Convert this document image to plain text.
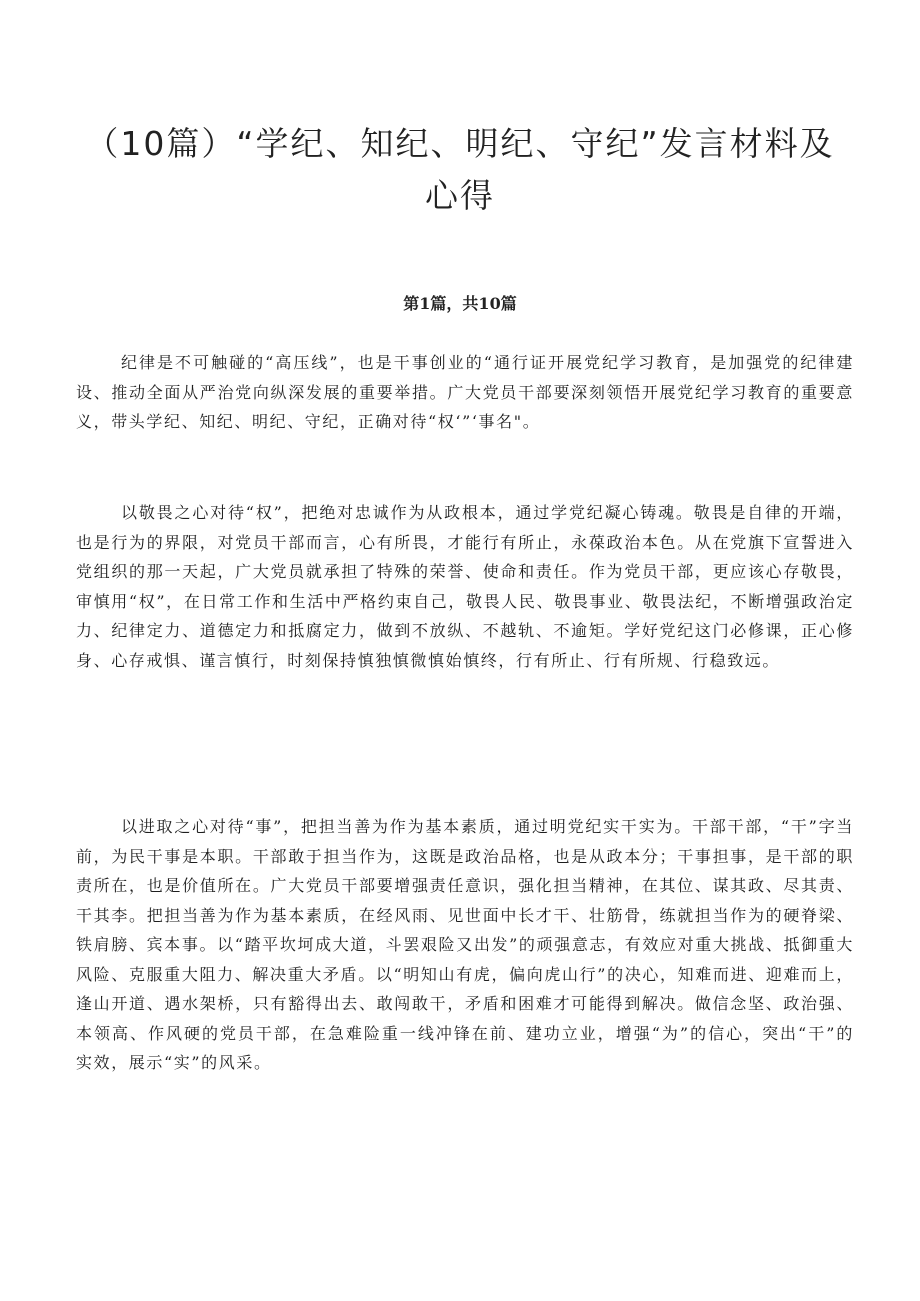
（10篇）“学纪、知纪、明纪、守纪”发言材料及心得

第1篇，共10篇

纪律是不可触碰的“高压线”，也是干事创业的“通行证开展党纪学习教育，是加强党的纪律建设、推动全面从严治党向纵深发展的重要举措。广大党员干部要深刻领悟开展党纪学习教育的重要意义，带头学纪、知纪、明纪、守纪，正确对待“权‘”‘事名"。

以敬畏之心对待“权”，把绝对忠诚作为从政根本，通过学党纪凝心铸魂。敬畏是自律的开端，也是行为的界限，对党员干部而言，心有所畏，才能行有所止，永葆政治本色。从在党旗下宣誓进入党组织的那一天起，广大党员就承担了特殊的荣誉、使命和责任。作为党员干部，更应该心存敬畏，审慎用“权”，在日常工作和生活中严格约束自己，敬畏人民、敬畏事业、敬畏法纪，不断增强政治定力、纪律定力、道德定力和抵腐定力，做到不放纵、不越轨、不逾矩。学好党纪这门必修课，正心修身、心存戒惧、谨言慎行，时刻保持慎独慎微慎始慎终，行有所止、行有所规、行稳致远。

以进取之心对待“事”，把担当善为作为基本素质，通过明党纪实干实为。干部干部，“干”字当前，为民干事是本职。干部敢于担当作为，这既是政治品格，也是从政本分；干事担事，是干部的职责所在，也是价值所在。广大党员干部要增强责任意识，强化担当精神，在其位、谋其政、尽其责、干其李。把担当善为作为基本素质，在经风雨、见世面中长才干、壮筋骨，练就担当作为的硬脊梁、铁肩膀、宾本事。以“踏平坎坷成大道，斗罢艰险又出发”的顽强意志，有效应对重大挑战、抵御重大风险、克服重大阻力、解决重大矛盾。以“明知山有虎，偏向虎山行”的决心，知难而进、迎难而上，逢山开道、遇水架桥，只有豁得出去、敢闯敢干，矛盾和困难才可能得到解决。做信念坚、政治强、本领高、作风硬的党员干部，在急难险重一线冲锋在前、建功立业，增强“为”的信心，突出“干”的实效，展示“实”的风采。
